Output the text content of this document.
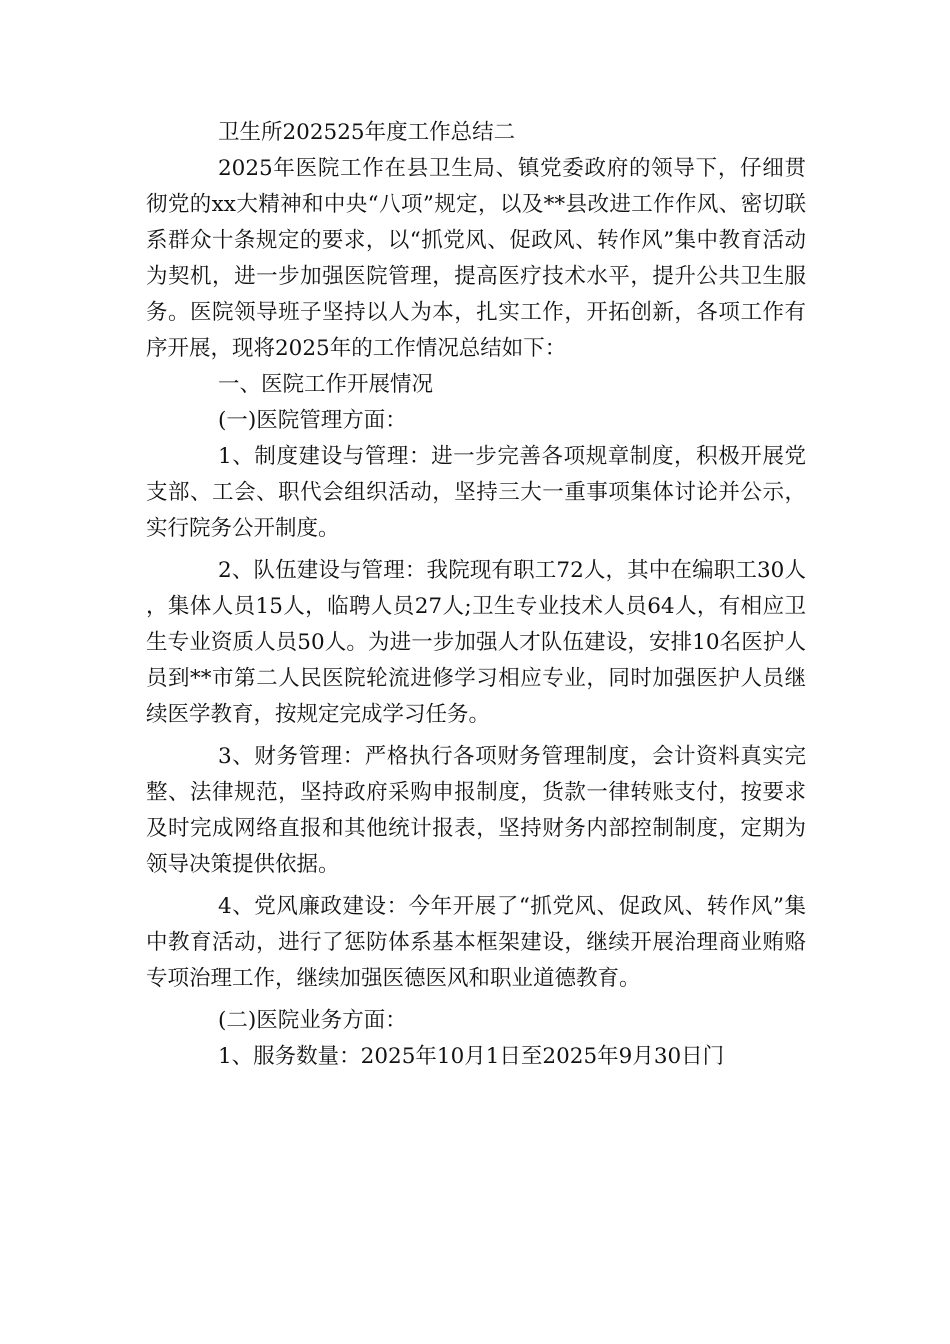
卫生所202525年度工作总结二

2025年医院工作在县卫生局、镇党委政府的领导下，仔细贯彻党的xx大精神和中央“八项”规定，以及**县改进工作作风、密切联系群众十条规定的要求，以“抓党风、促政风、转作风”集中教育活动为契机，进一步加强医院管理，提高医疗技术水平，提升公共卫生服务。医院领导班子坚持以人为本，扎实工作，开拓创新，各项工作有序开展，现将2025年的工作情况总结如下：

一、医院工作开展情况

(一)医院管理方面：

1、制度建设与管理：进一步完善各项规章制度，积极开展党支部、工会、职代会组织活动，坚持三大一重事项集体讨论并公示，实行院务公开制度。

2、队伍建设与管理：我院现有职工72人，其中在编职工30人，集体人员15人，临聘人员27人;卫生专业技术人员64人，有相应卫生专业资质人员50人。为进一步加强人才队伍建设，安排10名医护人员到**市第二人民医院轮流进修学习相应专业，同时加强医护人员继续医学教育，按规定完成学习任务。

3、财务管理：严格执行各项财务管理制度，会计资料真实完整、法律规范，坚持政府采购申报制度，货款一律转账支付，按要求及时完成网络直报和其他统计报表，坚持财务内部控制制度，定期为领导决策提供依据。

4、党风廉政建设：今年开展了“抓党风、促政风、转作风”集中教育活动，进行了惩防体系基本框架建设，继续开展治理商业贿赂专项治理工作，继续加强医德医风和职业道德教育。

(二)医院业务方面：

1、服务数量：2025年10月1日至2025年9月30日门
